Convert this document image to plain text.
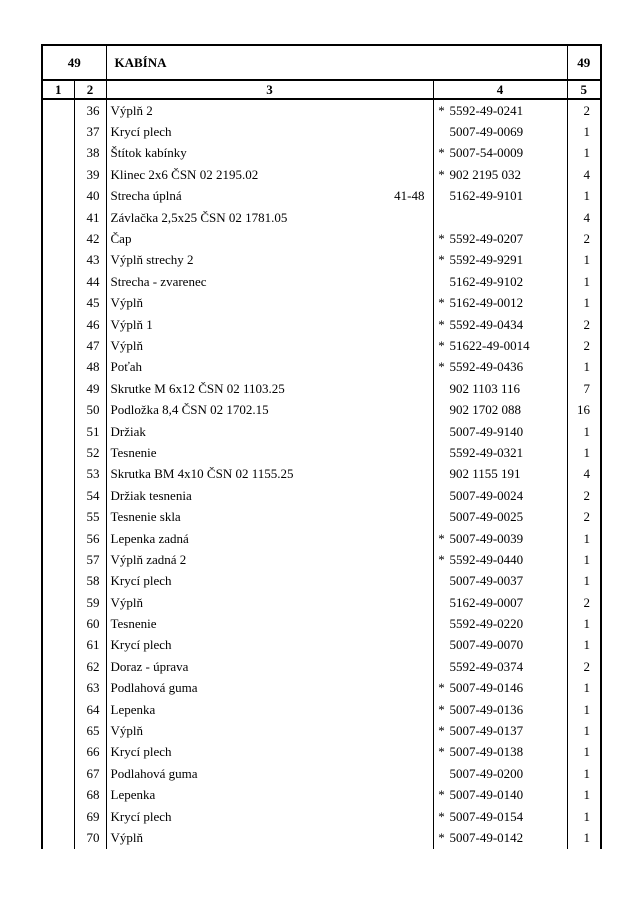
49		KABÍNA		49
1	2	3	4	5
	36	Výplň 2	* 5592-49-0241	2
	37	Krycí plech	5007-49-0069	1
	38	Štítok kabínky	* 5007-54-0009	1
	39	Klinec 2x6 ČSN 02 2195.02	* 902 2195 032	4
	40	Strecha úplná 41-48	5162-49-9101	1
	41	Závlačka 2,5x25 ČSN 02 1781.05		4
	42	Čap	* 5592-49-0207	2
	43	Výplň strechy 2	* 5592-49-9291	1
	44	Strecha - zvarenec	5162-49-9102	1
	45	Výplň	* 5162-49-0012	1
	46	Výplň 1	* 5592-49-0434	2
	47	Výplň	* 51622-49-0014	2
	48	Poťah	* 5592-49-0436	1
	49	Skrutke M 6x12 ČSN 02 1103.25	902 1103 116	7
	50	Podložka 8,4 ČSN 02 1702.15	902 1702 088	16
	51	Držiak	5007-49-9140	1
	52	Tesnenie	5592-49-0321	1
	53	Skrutka BM 4x10 ČSN 02 1155.25	902 1155 191	4
	54	Držiak tesnenia	5007-49-0024	2
	55	Tesnenie skla	5007-49-0025	2
	56	Lepenka zadná	* 5007-49-0039	1
	57	Výplň zadná 2	* 5592-49-0440	1
	58	Krycí plech	5007-49-0037	1
	59	Výplň	5162-49-0007	2
	60	Tesnenie	5592-49-0220	1
	61	Krycí plech	5007-49-0070	1
	62	Doraz - úprava	5592-49-0374	2
	63	Podlahová guma	* 5007-49-0146	1
	64	Lepenka	* 5007-49-0136	1
	65	Výplň	* 5007-49-0137	1
	66	Krycí plech	* 5007-49-0138	1
	67	Podlahová guma	5007-49-0200	1
	68	Lepenka	* 5007-49-0140	1
	69	Krycí plech	* 5007-49-0154	1
	70	Výplň	* 5007-49-0142	1
